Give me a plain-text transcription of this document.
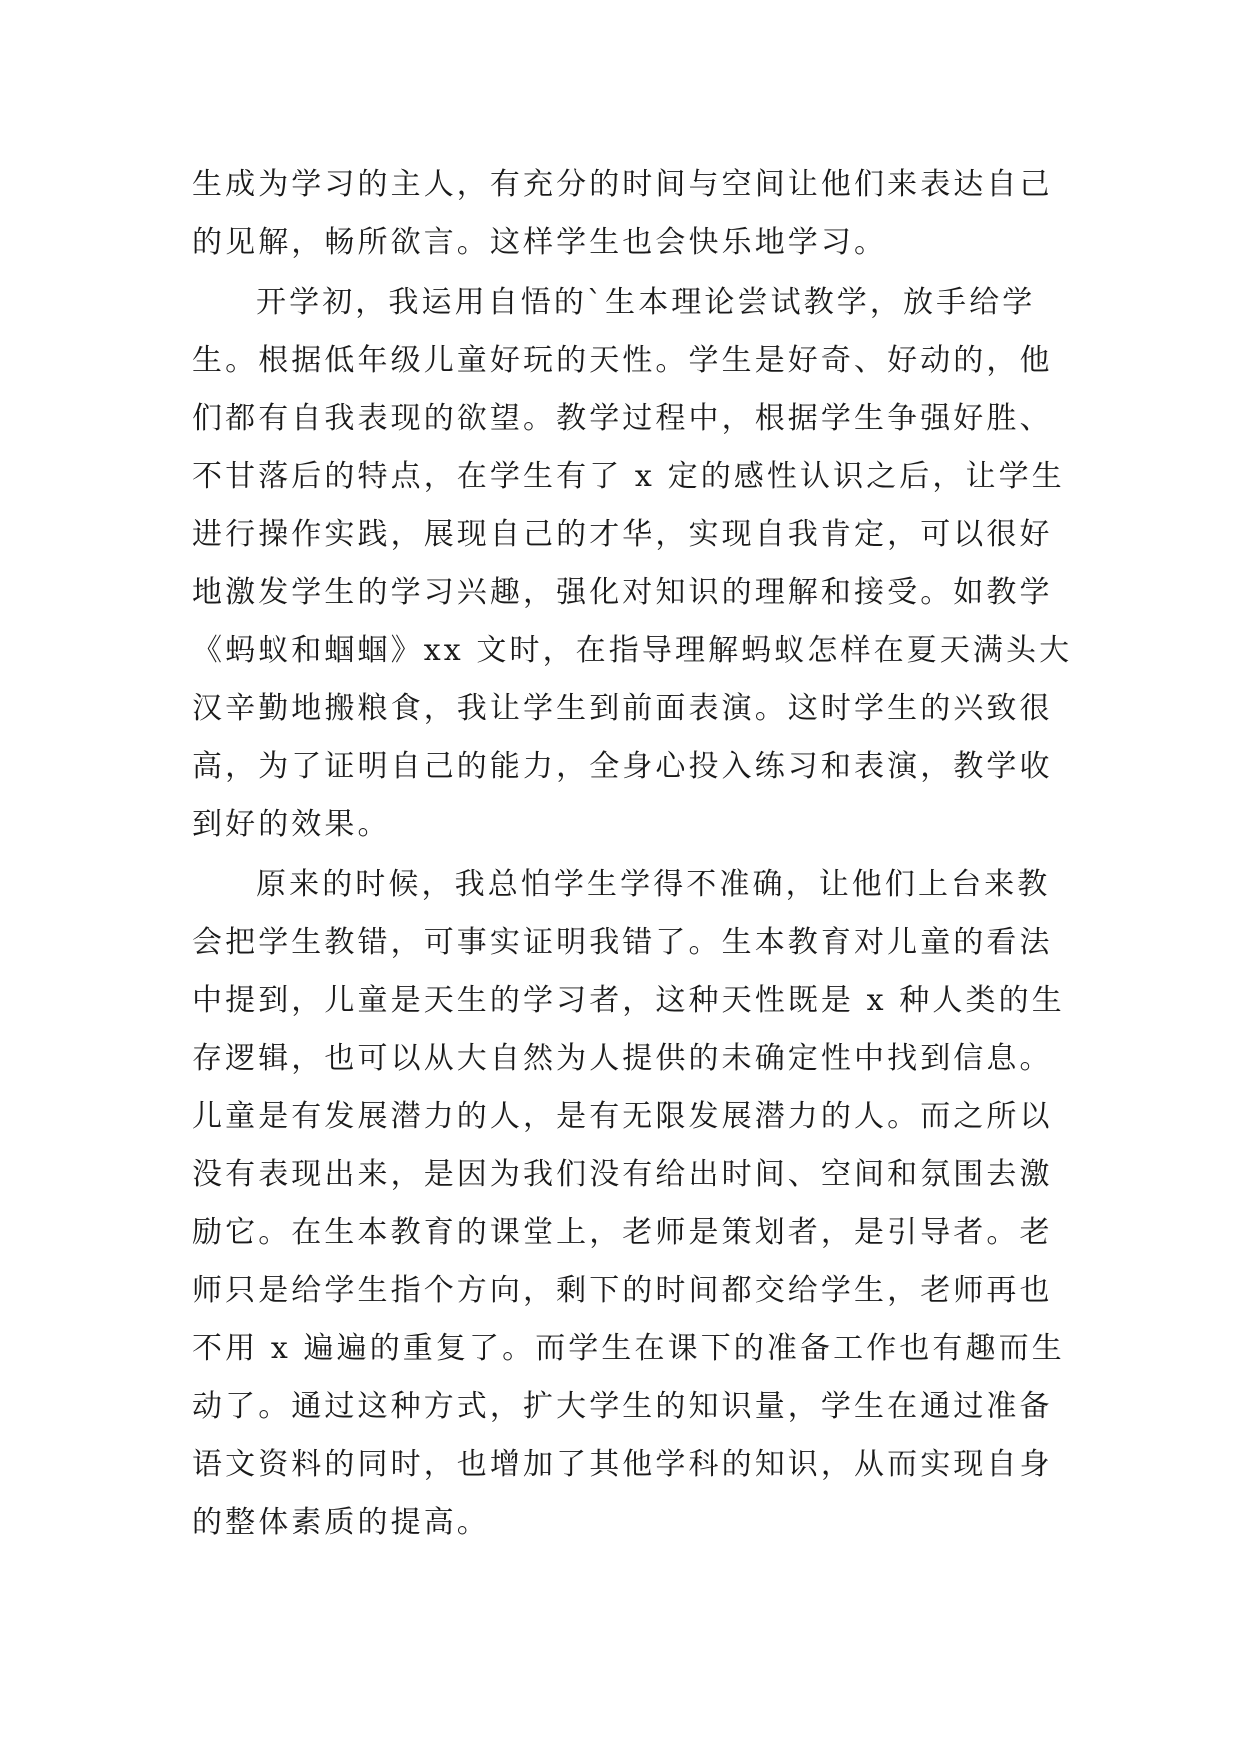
生成为学习的主人，有充分的时间与空间让他们来表达自己
的见解，畅所欲言。这样学生也会快乐地学习。
开学初，我运用自悟的`生本理论尝试教学，放手给学
生。根据低年级儿童好玩的天性。学生是好奇、好动的，他
们都有自我表现的欲望。教学过程中，根据学生争强好胜、
不甘落后的特点，在学生有了 x 定的感性认识之后，让学生
进行操作实践，展现自己的才华，实现自我肯定，可以很好
地激发学生的学习兴趣，强化对知识的理解和接受。如教学
《蚂蚁和蝈蝈》xx 文时，在指导理解蚂蚁怎样在夏天满头大
汉辛勤地搬粮食，我让学生到前面表演。这时学生的兴致很
高，为了证明自己的能力，全身心投入练习和表演，教学收
到好的效果。
原来的时候，我总怕学生学得不准确，让他们上台来教
会把学生教错，可事实证明我错了。生本教育对儿童的看法
中提到，儿童是天生的学习者，这种天性既是 x 种人类的生
存逻辑，也可以从大自然为人提供的未确定性中找到信息。
儿童是有发展潜力的人，是有无限发展潜力的人。而之所以
没有表现出来，是因为我们没有给出时间、空间和氛围去激
励它。在生本教育的课堂上，老师是策划者，是引导者。老
师只是给学生指个方向，剩下的时间都交给学生，老师再也
不用 x 遍遍的重复了。而学生在课下的准备工作也有趣而生
动了。通过这种方式，扩大学生的知识量，学生在通过准备
语文资料的同时，也增加了其他学科的知识，从而实现自身
的整体素质的提高。
